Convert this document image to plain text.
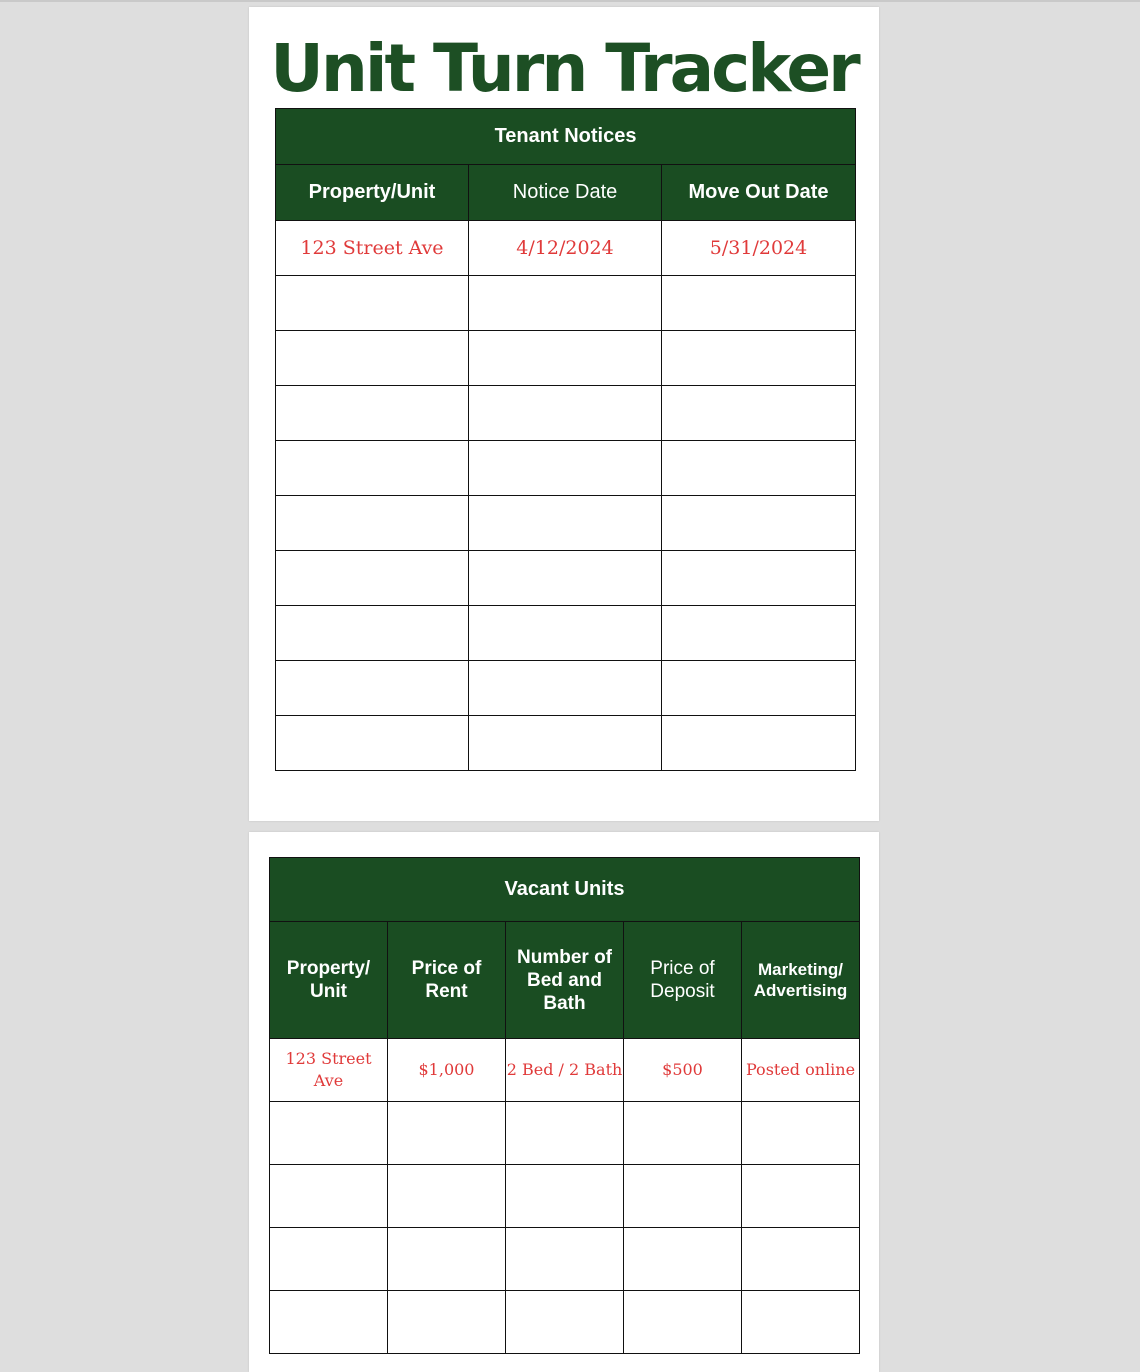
Unit Turn Tracker
Tenant Notices		
Property/Unit	Notice Date	Move Out Date
123 Street Ave	4/12/2024	5/31/2024

Vacant Units				
Property/ Unit	Price of Rent	Number of Bed and Bath	Price of Deposit	Marketing/ Advertising
123 Street Ave	$1,000	2 Bed / 2 Bath	$500	Posted online
